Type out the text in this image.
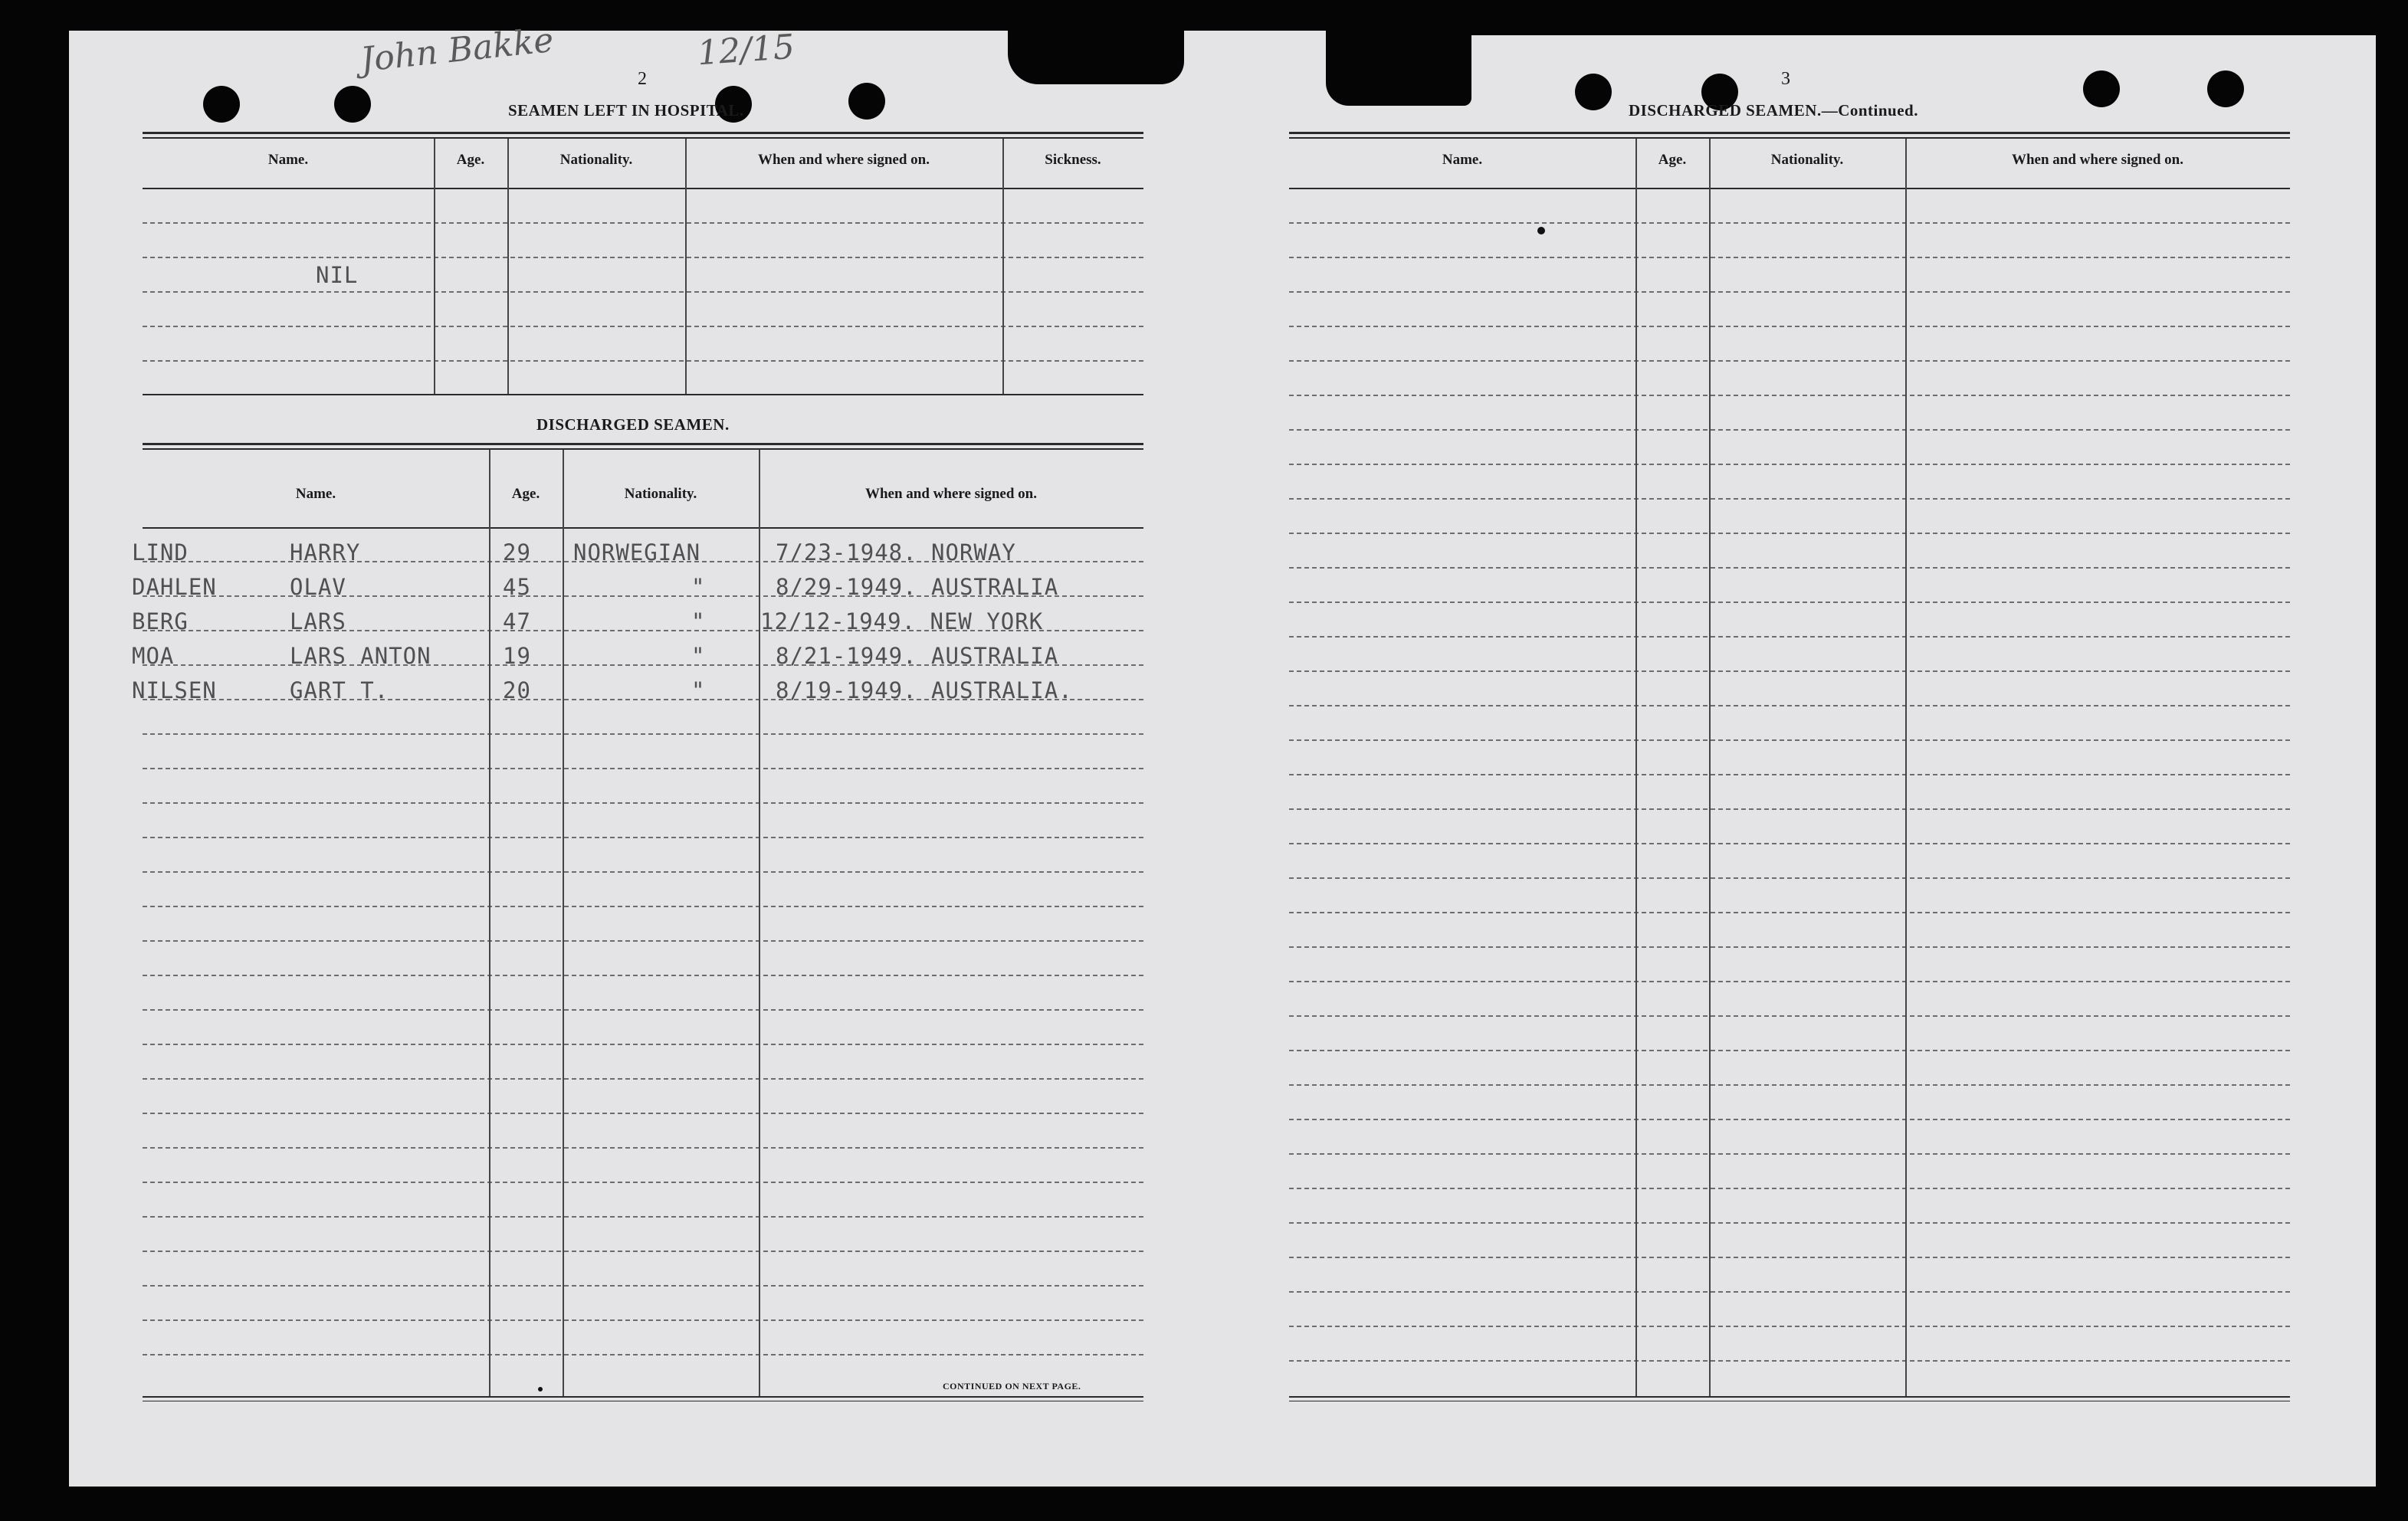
John Bakke	12/15
2
SEAMEN LEFT IN HOSPITAL.
Name.	Age.	Nationality.	When and where signed on.	Sickness.
NIL
DISCHARGED SEAMEN.
Name.	Age.	Nationality.	When and where signed on.
LIND	HARRY	29 NORWEGIAN	7/23-1948. NORWAY
DAHLEN	OLAV	45	"	8/29-1949. AUSTRALIA
BERG	LARS	47	" 12/12-1949. NEW YORK
MOA	LARS ANTON	19	"	8/21-1949. AUSTRALIA
NILSEN	GART T.	20	"	8/19-1949. AUSTRALIA.
CONTINUED ON NEXT PAGE.
3
DISCHARGED SEAMEN.—Continued.
Name.	Age.	Nationality.	When and where signed on.
